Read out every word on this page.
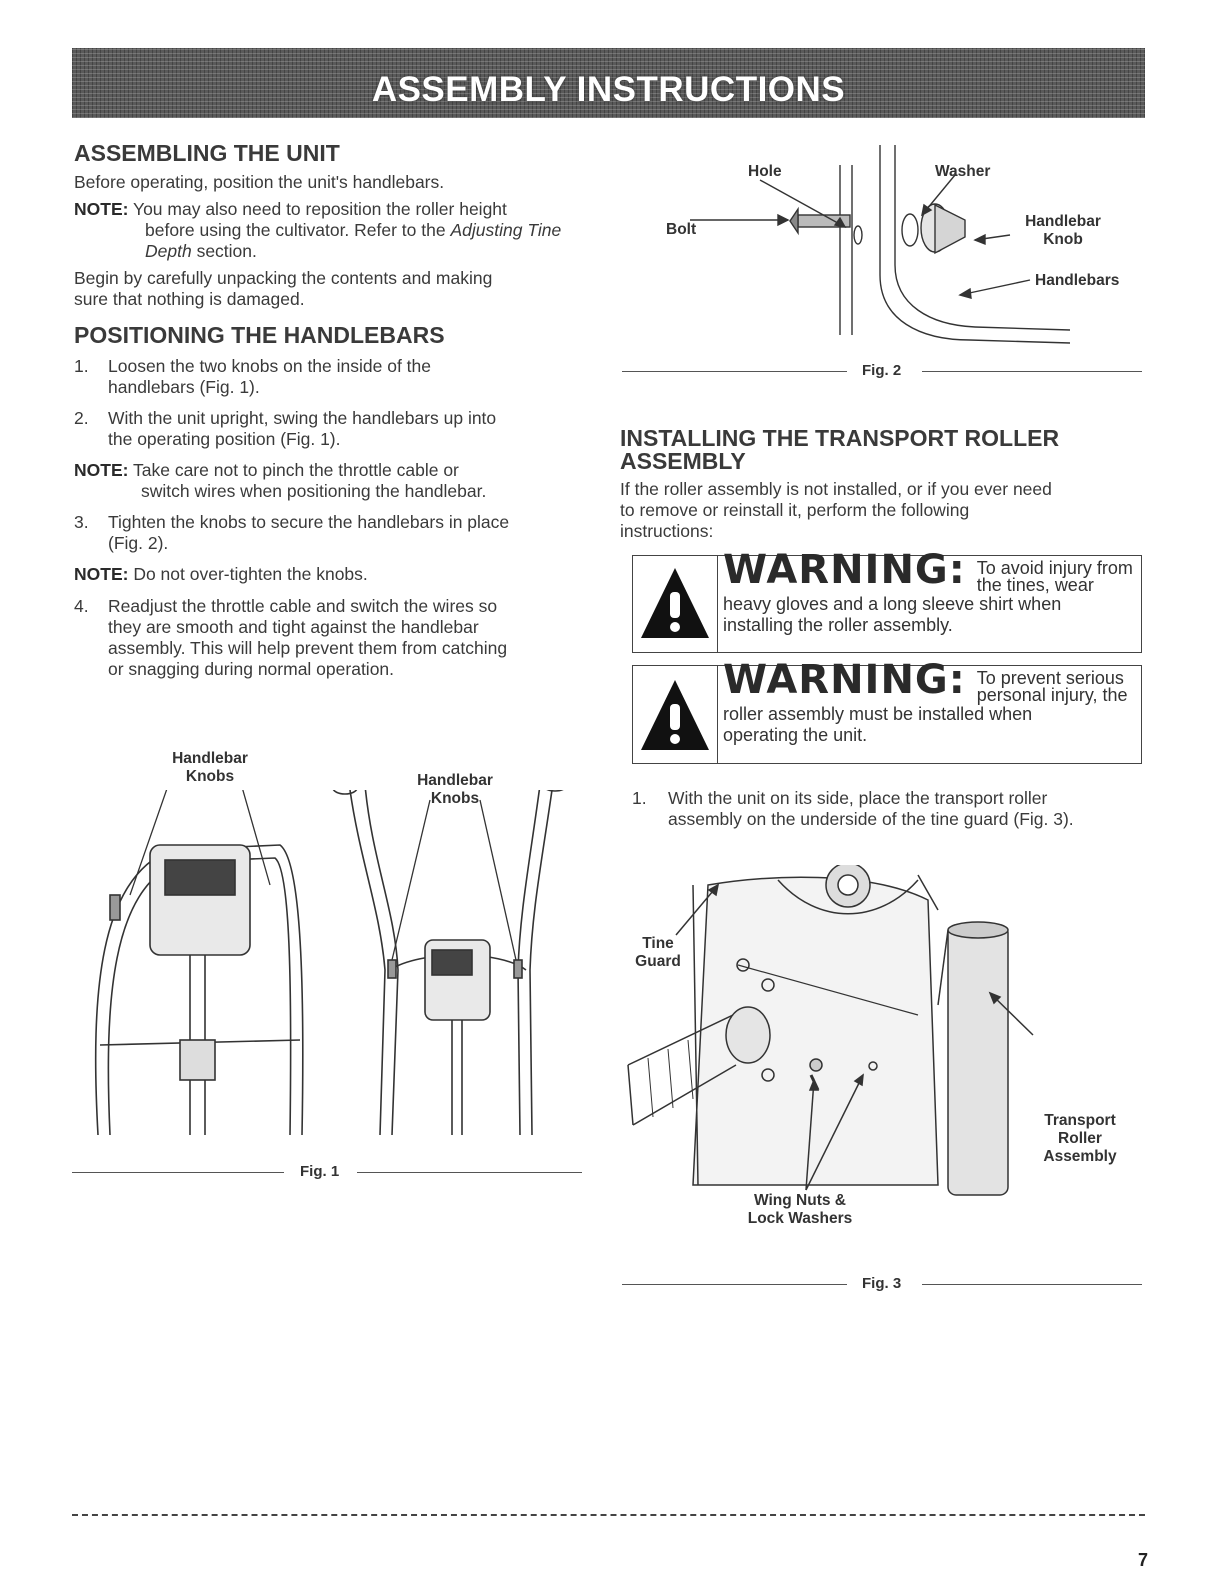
ASSEMBLY INSTRUCTIONS
ASSEMBLING THE UNIT
Before operating, position the unit's handlebars.
NOTE: You may also need to reposition the roller height
before using the cultivator. Refer to the Adjusting Tine Depth section.
Begin by carefully unpacking the contents and making
sure that nothing is damaged.
POSITIONING THE HANDLEBARS
1. Loosen the two knobs on the inside of the
handlebars (Fig. 1).
2. With the unit upright, swing the handlebars up into
the operating position (Fig. 1).
NOTE: Take care not to pinch the throttle cable or
switch wires when positioning the handlebar.
3. Tighten the knobs to secure the handlebars in place
(Fig. 2).
NOTE: Do not over-tighten the knobs.
4. Readjust the throttle cable and switch the wires so
they are smooth and tight against the handlebar
assembly. This will help prevent them from catching
or snagging during normal operation.
Handlebar
Knobs	Handlebar
Knobs
Fig. 1
Hole	Washer
Bolt	Handlebar
Knob
Handlebars
Fig. 2
INSTALLING THE TRANSPORT ROLLER
ASSEMBLY
If the roller assembly is not installed, or if you ever need
to remove or reinstall it, perform the following
instructions:
WARNING: To avoid injury from
the tines, wear
heavy gloves and a long sleeve shirt when
installing the roller assembly.
WARNING: To prevent serious
personal injury, the
roller assembly must be installed when
operating the unit.
1. With the unit on its side, place the transport roller
assembly on the underside of the tine guard (Fig. 3).
Tine
Guard
Transport
Roller
Assembly
Wing Nuts &
Lock Washers
Fig. 3
7
